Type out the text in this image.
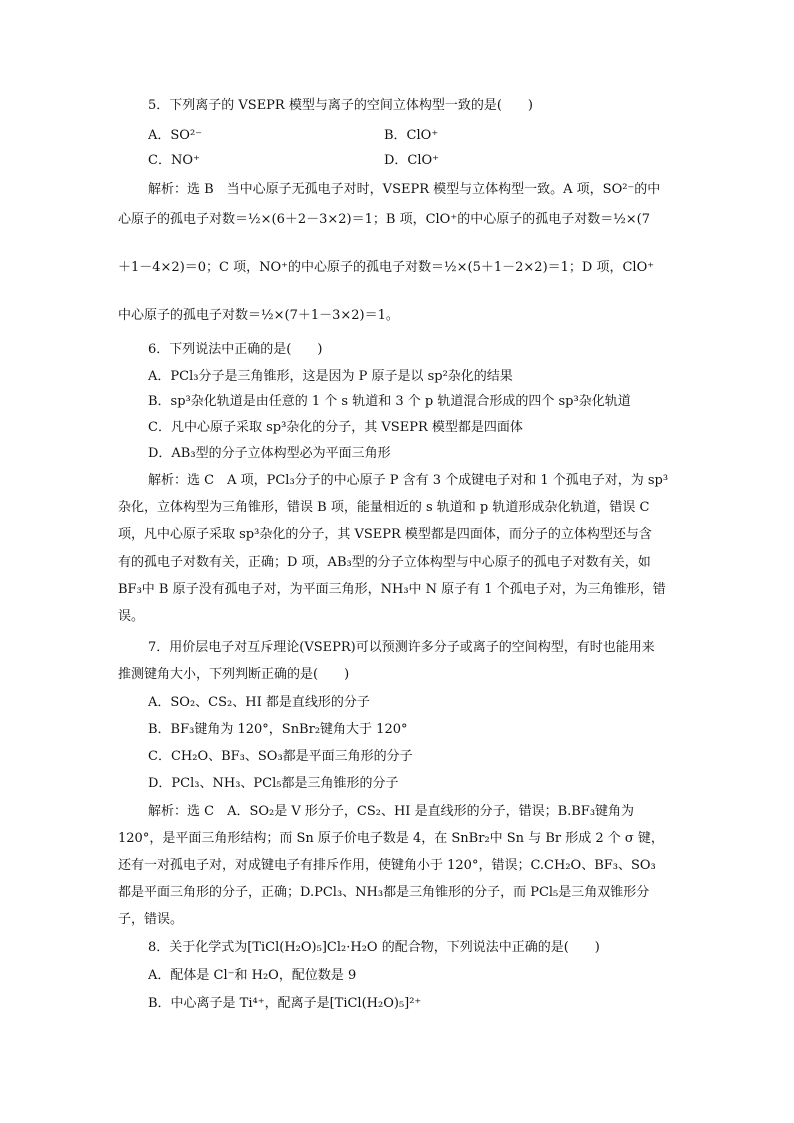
5．下列离子的 VSEPR 模型与离子的空间立体构型一致的是(　　)
A．SO²⁻	B．ClO⁺
C．NO⁺	D．ClO⁺
解析：选 B　当中心原子无孤电子对时，VSEPR 模型与立体构型一致。A 项，SO²⁻的中
心原子的孤电子对数＝½×(6＋2－3×2)＝1；B 项，ClO⁺的中心原子的孤电子对数＝½×(7
＋1－4×2)＝0；C 项，NO⁺的中心原子的孤电子对数＝½×(5＋1－2×2)＝1；D 项，ClO⁺
中心原子的孤电子对数＝½×(7＋1－3×2)＝1。
6．下列说法中正确的是(　　)
A．PCl₃分子是三角锥形，这是因为 P 原子是以 sp²杂化的结果
B．sp³杂化轨道是由任意的 1 个 s 轨道和 3 个 p 轨道混合形成的四个 sp³杂化轨道
C．凡中心原子采取 sp³杂化的分子，其 VSEPR 模型都是四面体
D．AB₃型的分子立体构型必为平面三角形
解析：选 C　A 项，PCl₃分子的中心原子 P 含有 3 个成键电子对和 1 个孤电子对，为 sp³
杂化，立体构型为三角锥形，错误 B 项，能量相近的 s 轨道和 p 轨道形成杂化轨道，错误 C
项，凡中心原子采取 sp³杂化的分子，其 VSEPR 模型都是四面体，而分子的立体构型还与含
有的孤电子对数有关，正确；D 项，AB₃型的分子立体构型与中心原子的孤电子对数有关，如
BF₃中 B 原子没有孤电子对，为平面三角形，NH₃中 N 原子有 1 个孤电子对，为三角锥形，错
误。
7．用价层电子对互斥理论(VSEPR)可以预测许多分子或离子的空间构型，有时也能用来
推测键角大小，下列判断正确的是(　　)
A．SO₂、CS₂、HI 都是直线形的分子
B．BF₃键角为 120°，SnBr₂键角大于 120°
C．CH₂O、BF₃、SO₃都是平面三角形的分子
D．PCl₃、NH₃、PCl₅都是三角锥形的分子
解析：选 C　A．SO₂是 V 形分子，CS₂、HI 是直线形的分子，错误；B.BF₃键角为
120°，是平面三角形结构；而 Sn 原子价电子数是 4，在 SnBr₂中 Sn 与 Br 形成 2 个 σ 键，
还有一对孤电子对，对成键电子有排斥作用，使键角小于 120°，错误；C.CH₂O、BF₃、SO₃
都是平面三角形的分子，正确；D.PCl₃、NH₃都是三角锥形的分子，而 PCl₅是三角双锥形分
子，错误。
8．关于化学式为[TiCl(H₂O)₅]Cl₂·H₂O 的配合物，下列说法中正确的是(　　)
A．配体是 Cl⁻和 H₂O，配位数是 9
B．中心离子是 Ti⁴⁺，配离子是[TiCl(H₂O)₅]²⁺
